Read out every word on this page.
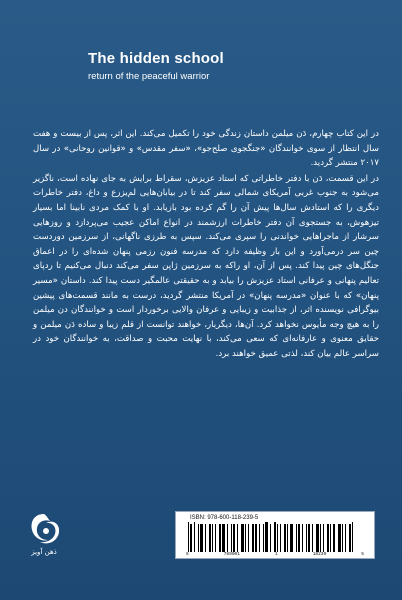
The hidden school
return of the peaceful warrior

در این کتاب چهارم، دَن میلمن داستان زندگی خود را تکمیل می‌کند. این اثر، پس از بیست و هفت سال انتظار از سوی خوانندگان «جنگجوی صلح‌جو»، «سفر مقدس» و «قوانین روحانی» در سال ۲۰۱۷ منتشر گردید.

در این قسمت، دَن با دفتر خاطراتی که استاد عزیزش، سقراط برایش به جای نهاده است، ناگزیر می‌شود به جنوب غربی آمریکای شمالی سفر کند تا در بیابان‌هایی لم‌یزرع و داغ، دفتر خاطرات دیگری را که استادش سال‌ها پیش آن را گم کرده بود بازیابد. او با کمک مردی نابینا اما بسیار تیزهوش، به جستجوی آن دفتر خاطرات ارزشمند در انواع اماکن عجیب می‌پردازد و روزهایی سرشار از ماجراهایی خواندنی را سپری می‌کند. سپس به طرزی ناگهانی، از سرزمین دوردست چین سر درمی‌آورد و این بار وظیفه دارد که مدرسه فنون رزمی پنهان شده‌ای را در اعماق جنگل‌های چین پیدا کند. پس از آن، او راکه به سرزمین ژاپن سفر می‌کند دنبال می‌کنیم تا ردپای تعالیم پنهانی و عرفانی استاد عزیزش را بیابد و به حقیقتی عالمگیر دست پیدا کند. داستان «مسیر پنهان» که با عنوان «مدرسه پنهان» در آمریکا منتشر گردید، درست به مانند قسمت‌های پیشین بیوگرافی نویسنده اثر، از جذابیت و زیبایی و عرفان والایی برخوردار است و خوانندگان دن میلمن را به هیچ وجه مأیوس نخواهد کرد. آن‌ها، دیگربار، خواهند توانست از قلم زیبا و ساده دَن میلمن و حقایق معنوی و عارفانه‌ای که سعی می‌کند، با نهایت محبت و صداقت، به خوانندگان خود در سراسر عالم بیان کند، لذتی عمیق خواهند برد.

ذهن آویز
ISBN: 978-600-118-239-5
6	789001	1	18239	5
